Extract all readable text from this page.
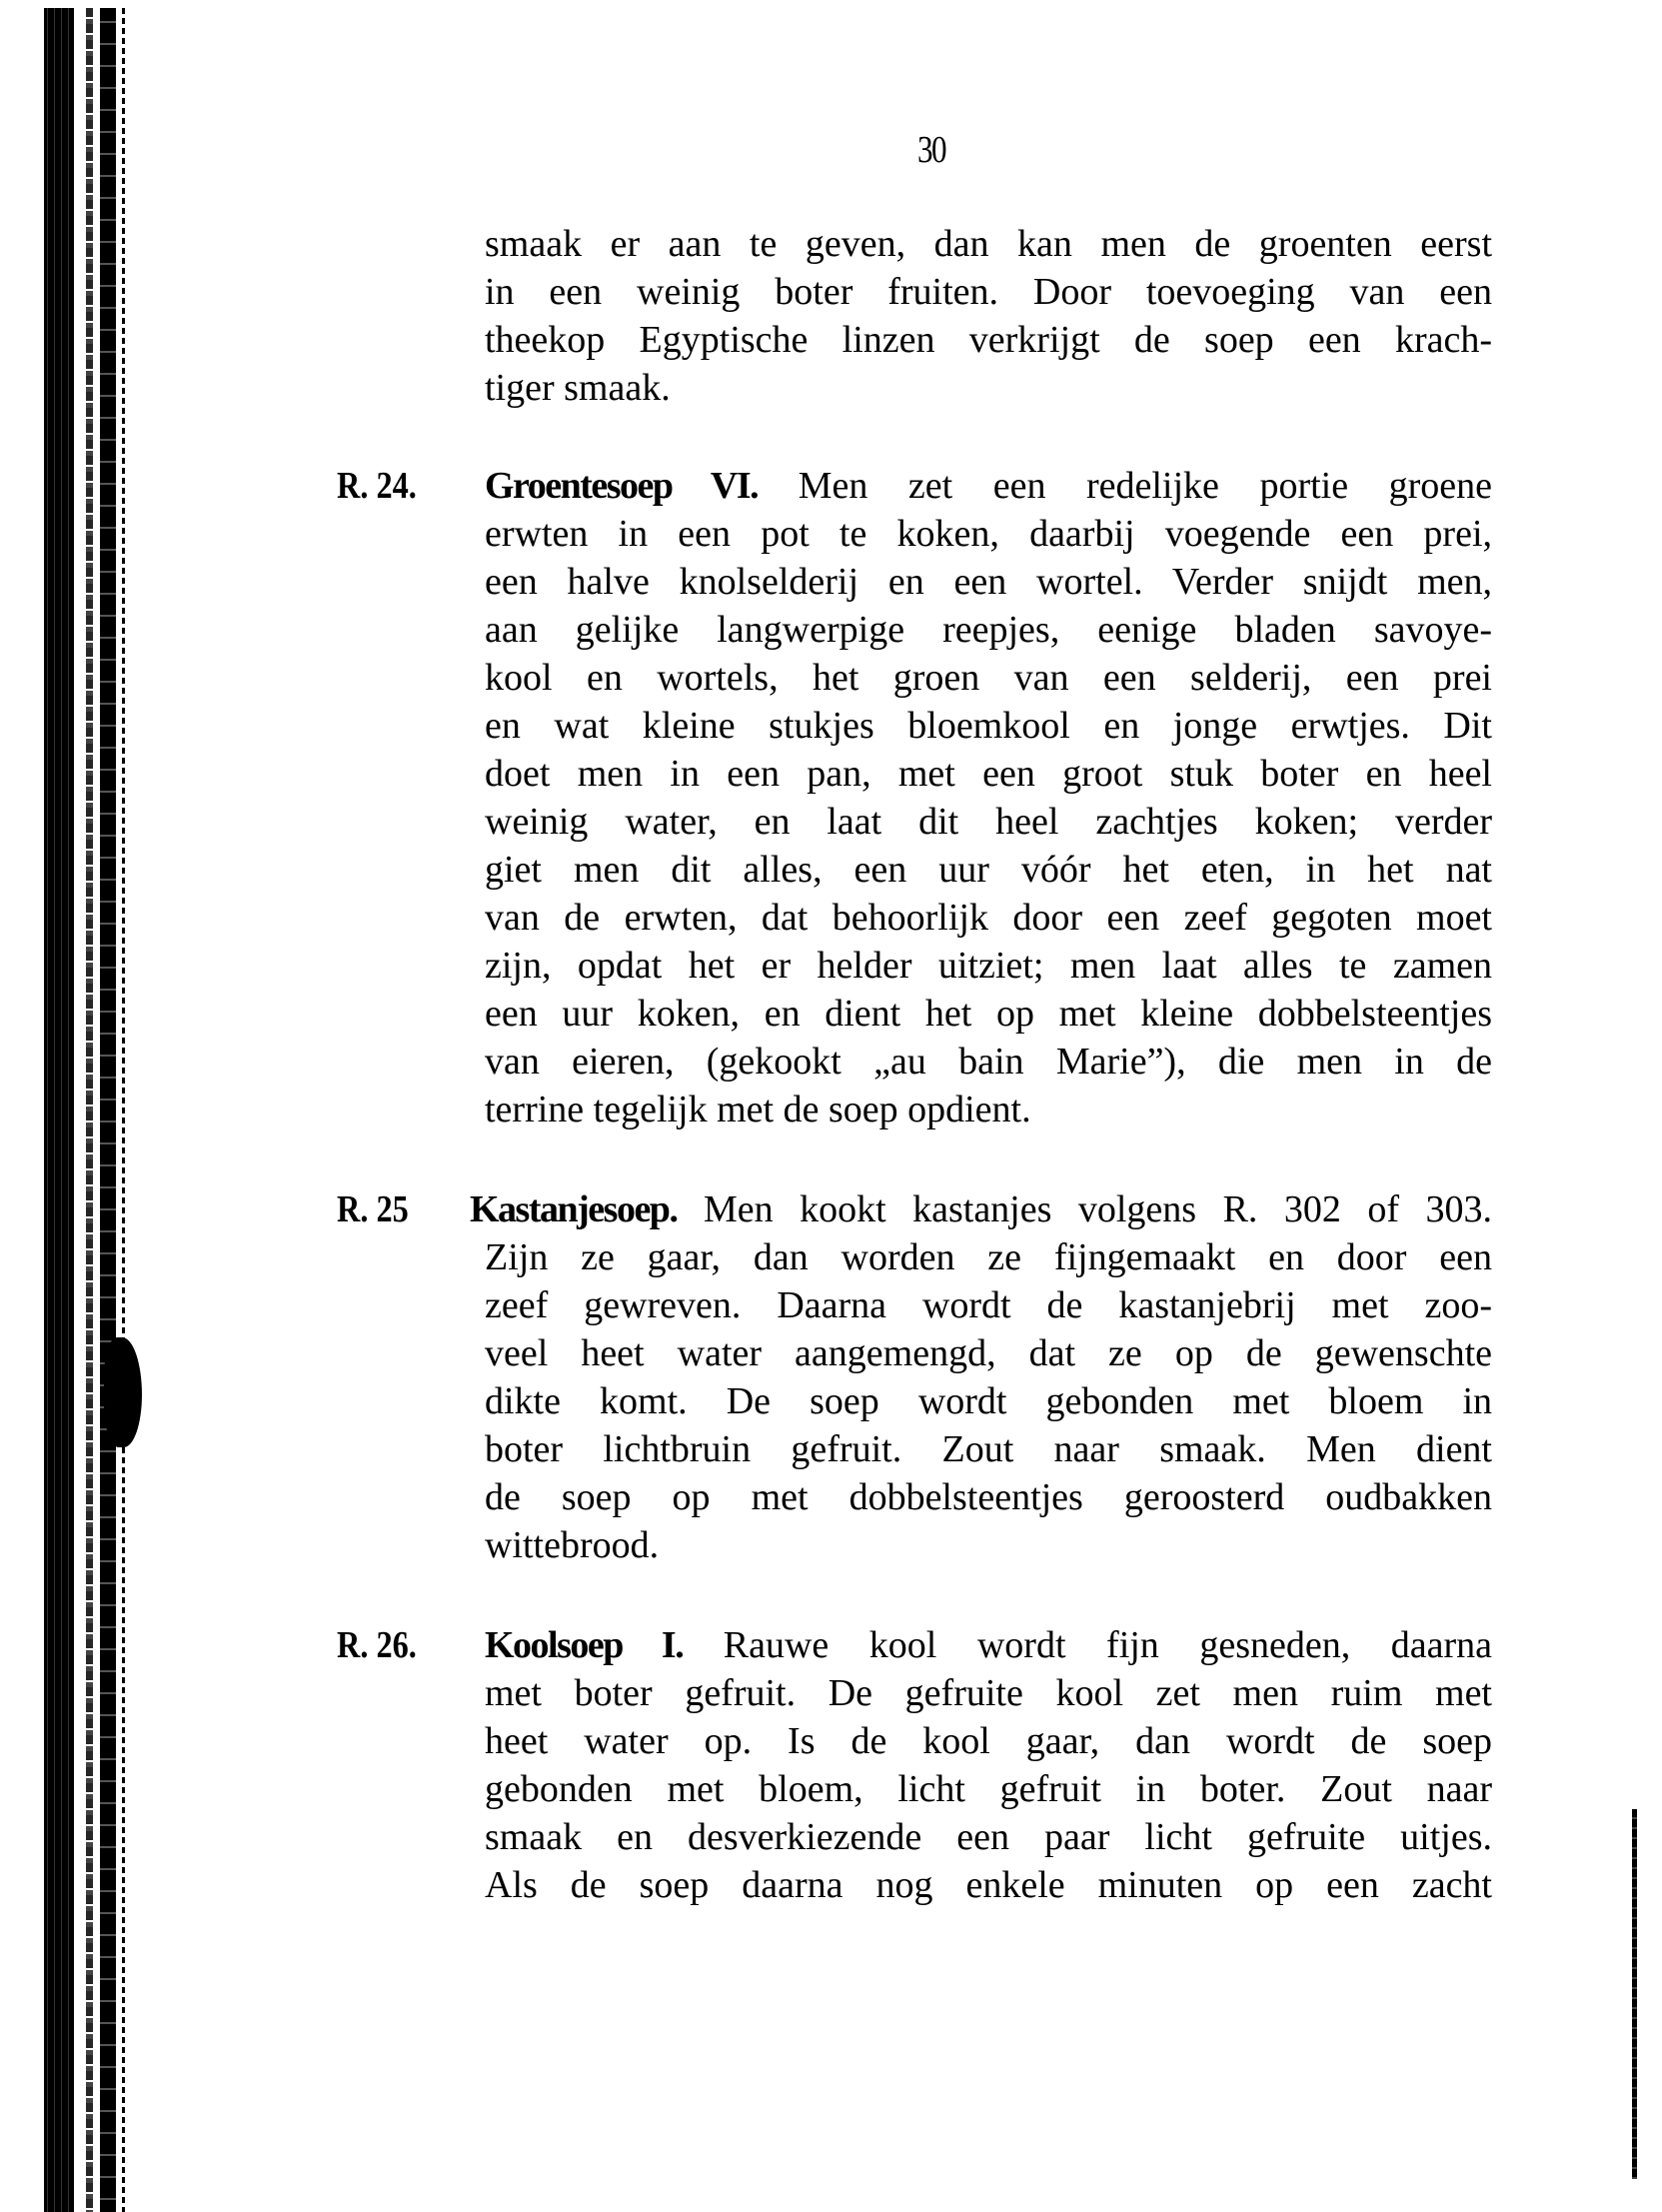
30
smaak er aan te geven, dan kan men de groenten eerst
in een weinig boter fruiten. Door toevoeging van een
theekop Egyptische linzen verkrijgt de soep een krach-
tiger smaak.
R. 24. Groentesoep VI. Men zet een redelijke portie groene
erwten in een pot te koken, daarbij voegende een prei,
een halve knolselderij en een wortel. Verder snijdt men,
aan gelijke langwerpige reepjes, eenige bladen savoye-
kool en wortels, het groen van een selderij, een prei
en wat kleine stukjes bloemkool en jonge erwtjes. Dit
doet men in een pan, met een groot stuk boter en heel
weinig water, en laat dit heel zachtjes koken; verder
giet men dit alles, een uur vóór het eten, in het nat
van de erwten, dat behoorlijk door een zeef gegoten moet
zijn, opdat het er helder uitziet; men laat alles te zamen
een uur koken, en dient het op met kleine dobbelsteentjes
van eieren, (gekookt „au bain Marie”), die men in de
terrine tegelijk met de soep opdient.
R. 25 Kastanjesoep. Men kookt kastanjes volgens R. 302 of 303.
Zijn ze gaar, dan worden ze fijngemaakt en door een
zeef gewreven. Daarna wordt de kastanjebrij met zoo-
veel heet water aangemengd, dat ze op de gewenschte
dikte komt. De soep wordt gebonden met bloem in
boter lichtbruin gefruit. Zout naar smaak. Men dient
de soep op met dobbelsteentjes geroosterd oudbakken
wittebrood.
R. 26. Koolsoep I. Rauwe kool wordt fijn gesneden, daarna
met boter gefruit. De gefruite kool zet men ruim met
heet water op. Is de kool gaar, dan wordt de soep
gebonden met bloem, licht gefruit in boter. Zout naar
smaak en desverkiezende een paar licht gefruite uitjes.
Als de soep daarna nog enkele minuten op een zacht
